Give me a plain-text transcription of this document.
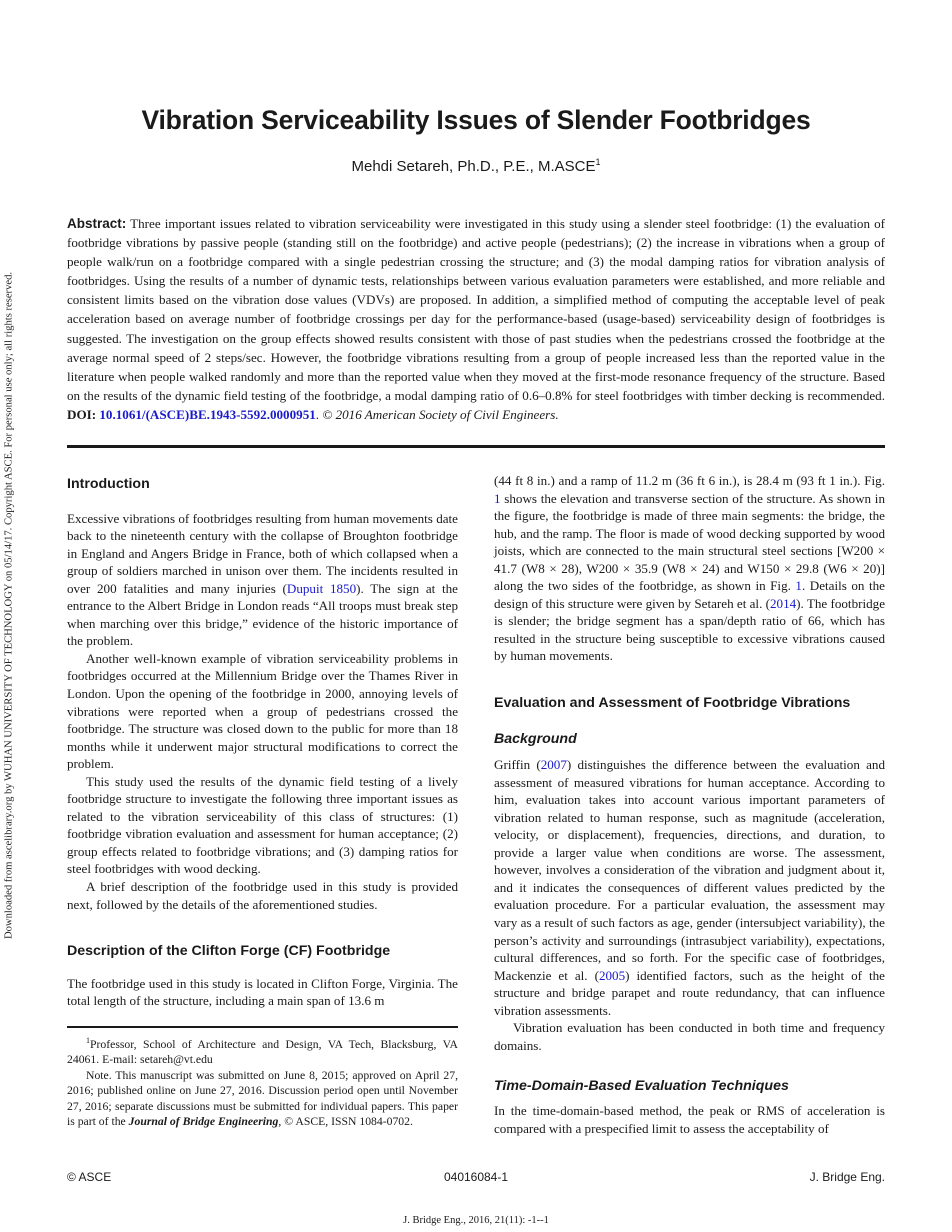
Downloaded from ascelibrary.org by WUHAN UNIVERSITY OF TECHNOLOGY on 05/14/17. Copyright ASCE. For personal use only; all rights reserved.
Vibration Serviceability Issues of Slender Footbridges
Mehdi Setareh, Ph.D., P.E., M.ASCE$^1$
Abstract: Three important issues related to vibration serviceability were investigated in this study using a slender steel footbridge: (1) the evaluation of footbridge vibrations by passive people (standing still on the footbridge) and active people (pedestrians); (2) the increase in vibrations when a group of people walk/run on a footbridge compared with a single pedestrian crossing the structure; and (3) the modal damping ratios for vibration analysis of footbridges. Using the results of a number of dynamic tests, relationships between various evaluation parameters were established, and more reliable and consistent limits based on the vibration dose values (VDVs) are proposed. In addition, a simplified method of computing the acceptable level of peak acceleration based on average number of footbridge crossings per day for the performance-based (usage-based) serviceability design of footbridges is suggested. The investigation on the group effects showed results consistent with those of past studies when the pedestrians crossed the footbridge at the average normal speed of 2 steps/sec. However, the footbridge vibrations resulting from a group of people increased less than the reported value in the literature when people walked randomly and more than the reported value when they moved at the first-mode resonance frequency of the structure. Based on the results of the dynamic field testing of the footbridge, a modal damping ratio of 0.6–0.8% for steel footbridges with timber decking is recommended. DOI: 10.1061/(ASCE)BE.1943-5592.0000951. © 2016 American Society of Civil Engineers.
Introduction

Excessive vibrations of footbridges resulting from human movements date back to the nineteenth century with the collapse of Broughton footbridge in England and Angers Bridge in France, both of which collapsed when a group of soldiers marched in unison over them. The incidents resulted in over 200 fatalities and many injuries (Dupuit 1850). The sign at the entrance to the Albert Bridge in London reads “All troops must break step when marching over this bridge,” evidence of the historic importance of the problem.

Another well-known example of vibration serviceability problems in footbridges occurred at the Millennium Bridge over the Thames River in London. Upon the opening of the footbridge in 2000, annoying levels of vibrations were reported when a group of pedestrians crossed the footbridge. The structure was closed down to the public for more than 18 months while it underwent major structural modifications to correct the problem.

This study used the results of the dynamic field testing of a lively footbridge structure to investigate the following three important issues as related to the vibration serviceability of this class of structures: (1) footbridge vibration evaluation and assessment for human acceptance; (2) group effects related to footbridge vibrations; and (3) damping ratios for steel footbridges with wood decking.

A brief description of the footbridge used in this study is provided next, followed by the details of the aforementioned studies.

Description of the Clifton Forge (CF) Footbridge

The footbridge used in this study is located in Clifton Forge, Virginia. The total length of the structure, including a main span of 13.6 m

$^1$Professor, School of Architecture and Design, VA Tech, Blacksburg, VA 24061. E-mail: setareh@vt.edu

Note. This manuscript was submitted on June 8, 2015; approved on April 27, 2016; published online on June 27, 2016. Discussion period open until November 27, 2016; separate discussions must be submitted for individual papers. This paper is part of the Journal of Bridge Engineering, © ASCE, ISSN 1084-0702.

(44 ft 8 in.) and a ramp of 11.2 m (36 ft 6 in.), is 28.4 m (93 ft 1 in.). Fig. 1 shows the elevation and transverse section of the structure. As shown in the figure, the footbridge is made of three main segments: the bridge, the hub, and the ramp. The floor is made of wood decking supported by wood joists, which are connected to the main structural steel sections [W200 × 41.7 (W8 × 28), W200 × 35.9 (W8 × 24) and W150 × 29.8 (W6 × 20)] along the two sides of the footbridge, as shown in Fig. 1. Details on the design of this structure were given by Setareh et al. (2014). The footbridge is slender; the bridge segment has a span/depth ratio of 66, which has resulted in the structure being susceptible to excessive vibrations caused by human movements.

Evaluation and Assessment of Footbridge Vibrations
Background

Griffin (2007) distinguishes the difference between the evaluation and assessment of measured vibrations for human acceptance. According to him, evaluation takes into account various important parameters of vibration related to human response, such as magnitude (acceleration, velocity, or displacement), frequencies, directions, and duration, to provide a larger value when conditions are worse. The assessment, however, involves a consideration of the vibration and judgment about it, and it indicates the consequences of different values predicted by the evaluation procedure. For a particular evaluation, the assessment may vary as a result of such factors as age, gender (intersubject variability), the person’s activity and surroundings (intrasubject variability), expectations, cultural differences, and so forth. For the specific case of footbridges, Mackenzie et al. (2005) identified factors, such as the height of the structure and bridge parapet and route redundancy, that can influence vibration assessments.

Vibration evaluation has been conducted in both time and frequency domains.

Time-Domain-Based Evaluation Techniques

In the time-domain-based method, the peak or RMS of acceleration is compared with a prespecified limit to assess the acceptability of

© ASCE	04016084-1	J. Bridge Eng.
J. Bridge Eng., 2016, 21(11): -1--1
